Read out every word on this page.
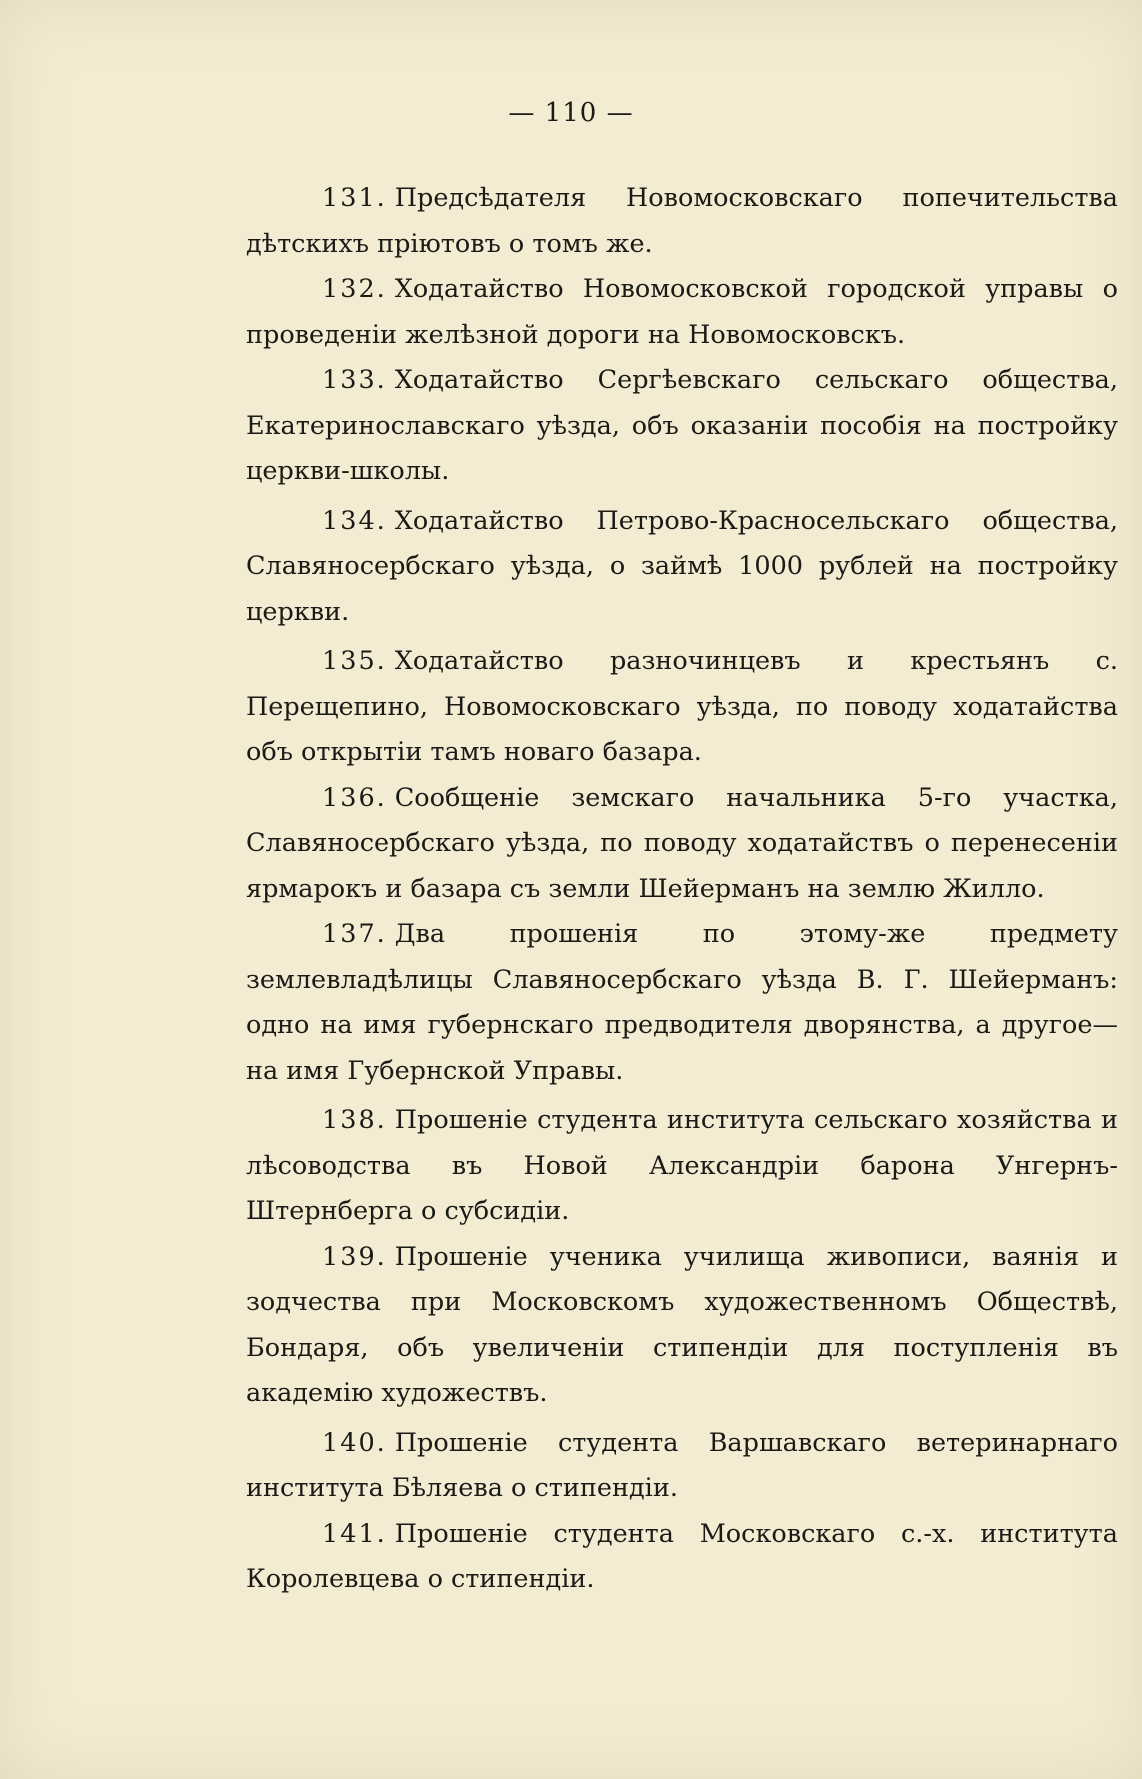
— 110 —

131. Предсѣдателя Новомосковскаго попечительства дѣтскихъ пріютовъ о томъ же.

132. Ходатайство Новомосковской городской управы о проведеніи желѣзной дороги на Новомосковскъ.

133. Ходатайство Сергѣевскаго сельскаго общества, Екатеринославскаго уѣзда, объ оказаніи пособія на постройку церкви-школы.

134. Ходатайство Петрово-Красносельскаго общества, Славяносербскаго уѣзда, о займѣ 1000 рублей на постройку церкви.

135. Ходатайство разночинцевъ и крестьянъ с. Перещепино, Новомосковскаго уѣзда, по поводу ходатайства объ открытіи тамъ новаго базара.

136. Сообщеніе земскаго начальника 5-го участка, Славяносербскаго уѣзда, по поводу ходатайствъ о перенесеніи ярмарокъ и базара съ земли Шейерманъ на землю Жилло.

137. Два прошенія по этому-же предмету землевладѣлицы Славяносербскаго уѣзда В. Г. Шейерманъ: одно на имя губернскаго предводителя дворянства, а другое—на имя Губернской Управы.

138. Прошеніе студента института сельскаго хозяйства и лѣсоводства въ Новой Александріи барона Унгернъ-Штернберга о субсидіи.

139. Прошеніе ученика училища живописи, ваянія и зодчества при Московскомъ художественномъ Обществѣ, Бондаря, объ увеличеніи стипендіи для поступленія въ академію художествъ.

140. Прошеніе студента Варшавскаго ветеринарнаго института Бѣляева о стипендіи.

141. Прошеніе студента Московскаго с.-х. института Королевцева о стипендіи.
